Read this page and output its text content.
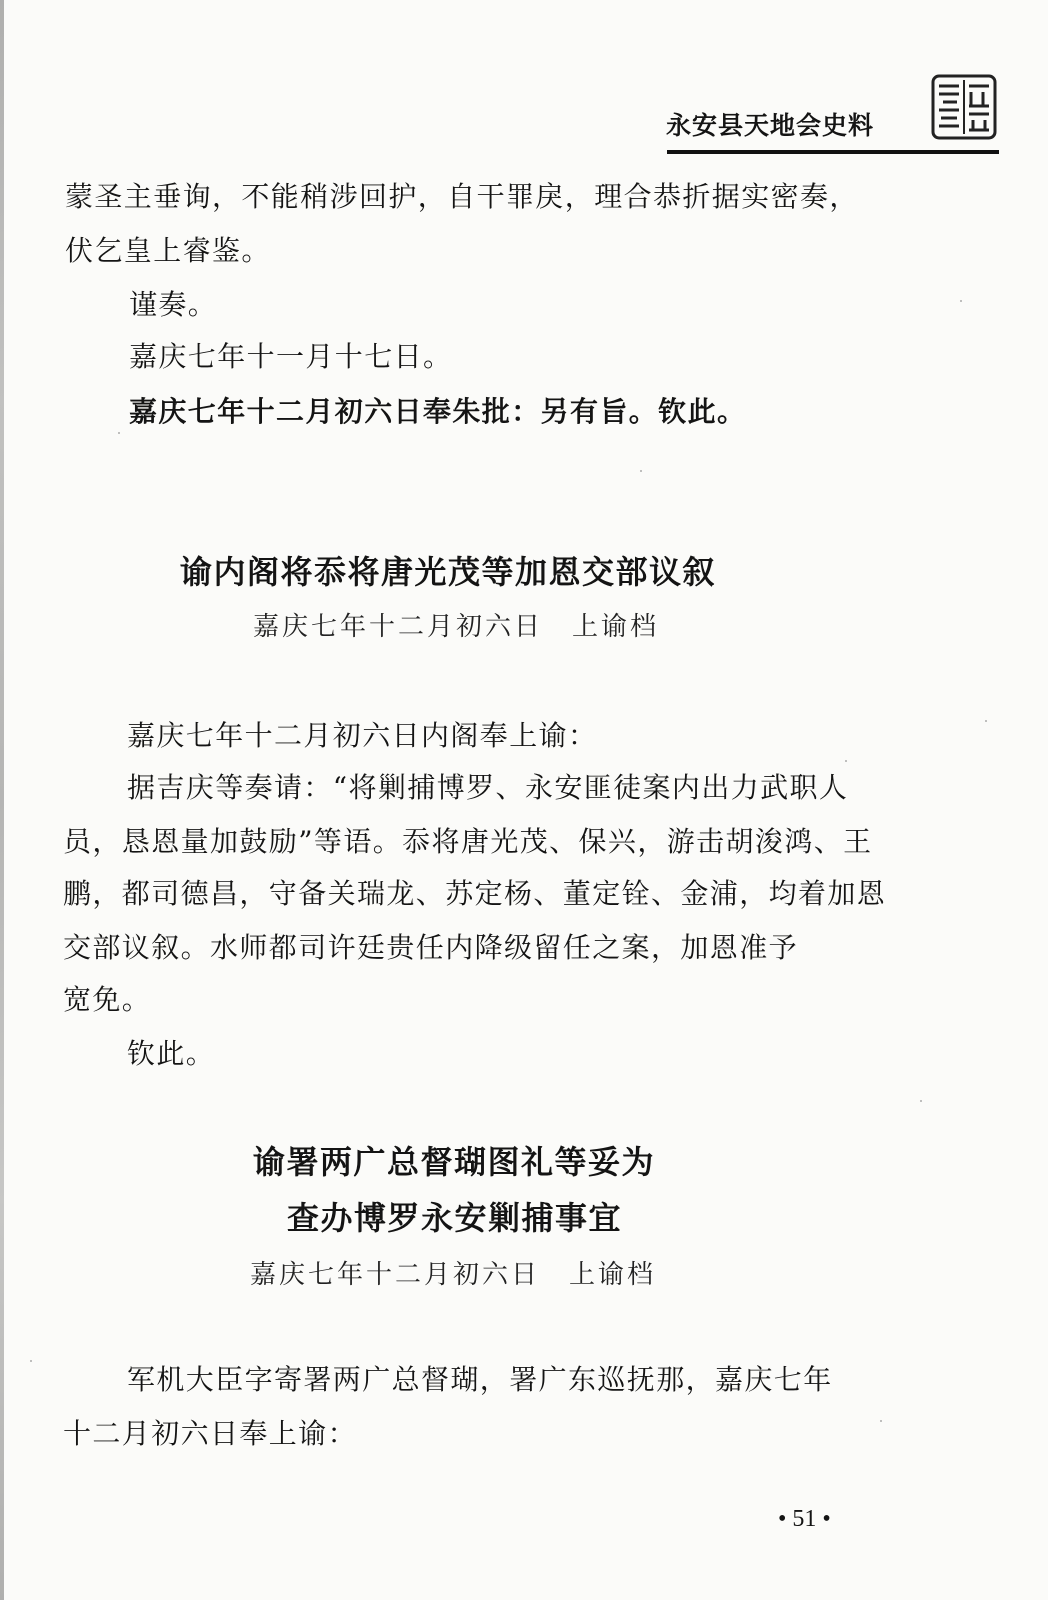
永安县天地会史料
蒙圣主垂询，不能稍涉回护，自干罪戾，理合恭折据实密奏，
伏乞皇上睿鉴。
谨奏。
嘉庆七年十一月十七日。
嘉庆七年十二月初六日奉朱批：另有旨。钦此。
谕内阁将忝将唐光茂等加恩交部议叙
嘉庆七年十二月初六日　上谕档
嘉庆七年十二月初六日内阁奉上谕：
据吉庆等奏请：“将剿捕博罗、永安匪徒案内出力武职人
员，恳恩量加鼓励”等语。忝将唐光茂、保兴，游击胡浚鸿、王
鹏，都司德昌，守备关瑞龙、苏定杨、董定铨、金浦，均着加恩
交部议叙。水师都司许廷贵任内降级留任之案，加恩准予
宽免。
钦此。
谕署两广总督瑚图礼等妥为
查办博罗永安剿捕事宜
嘉庆七年十二月初六日　上谕档
军机大臣字寄署两广总督瑚，署广东巡抚那，嘉庆七年
十二月初六日奉上谕：
• 51 •
